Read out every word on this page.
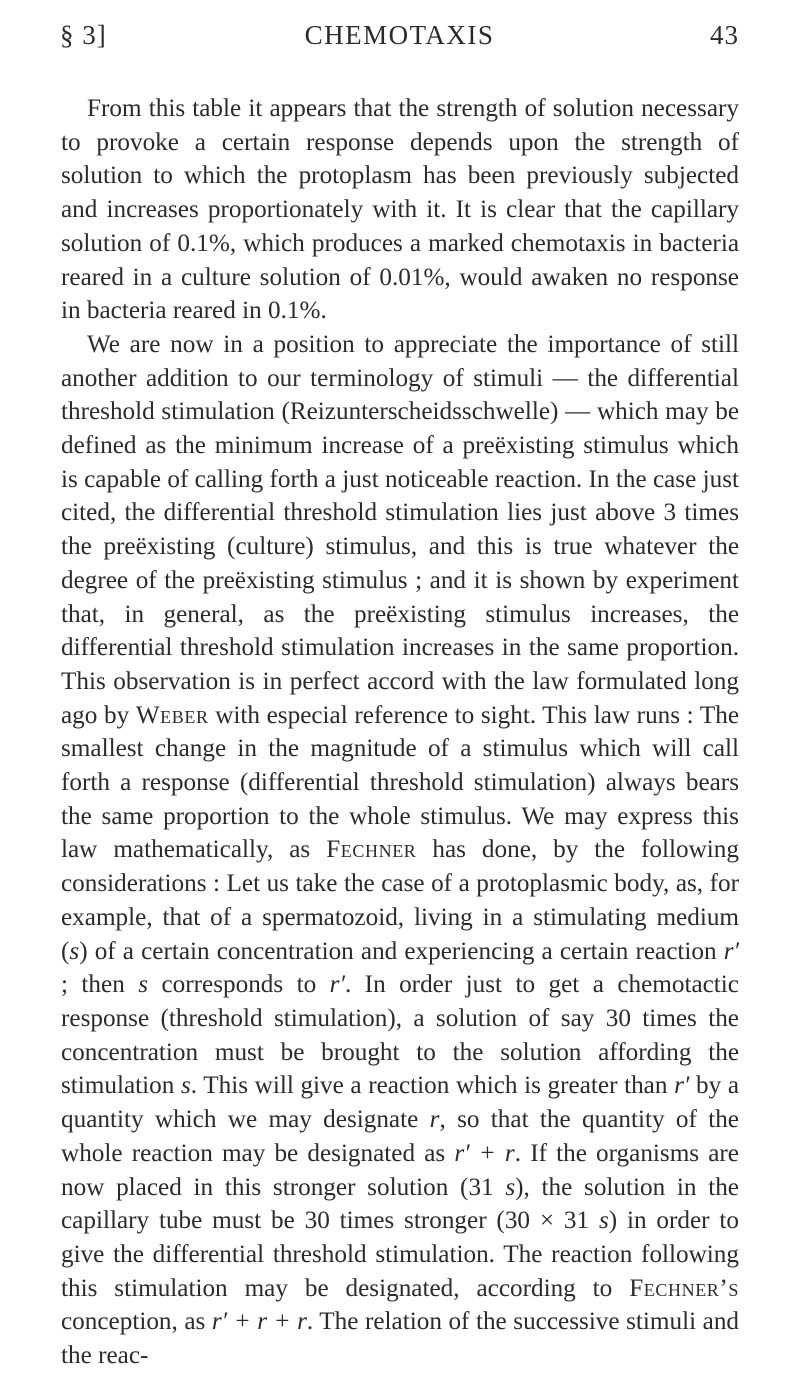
§ 3]	CHEMOTAXIS	43

From this table it appears that the strength of solution necessary to provoke a certain response depends upon the strength of solution to which the protoplasm has been previously subjected and increases proportionately with it. It is clear that the capillary solution of 0.1%, which produces a marked chemotaxis in bacteria reared in a culture solution of 0.01%, would awaken no response in bacteria reared in 0.1%.

We are now in a position to appreciate the importance of still another addition to our terminology of stimuli — the differential threshold stimulation (Reizunterscheidsschwelle) — which may be defined as the minimum increase of a preëxisting stimulus which is capable of calling forth a just noticeable reaction. In the case just cited, the differential threshold stimulation lies just above 3 times the preëxisting (culture) stimulus, and this is true whatever the degree of the preëxisting stimulus ; and it is shown by experiment that, in general, as the preëxisting stimulus increases, the differential threshold stimulation increases in the same proportion. This observation is in perfect accord with the law formulated long ago by Weber with especial reference to sight. This law runs : The smallest change in the magnitude of a stimulus which will call forth a response (differential threshold stimulation) always bears the same proportion to the whole stimulus. We may express this law mathematically, as Fechner has done, by the following considerations : Let us take the case of a protoplasmic body, as, for example, that of a spermatozoid, living in a stimulating medium (s) of a certain concentration and experiencing a certain reaction r′ ; then s corresponds to r′. In order just to get a chemotactic response (threshold stimulation), a solution of say 30 times the concentration must be brought to the solution affording the stimulation s. This will give a reaction which is greater than r′ by a quantity which we may designate r, so that the quantity of the whole reaction may be designated as r′ + r. If the organisms are now placed in this stronger solution (31 s), the solution in the capillary tube must be 30 times stronger (30 × 31 s) in order to give the differential threshold stimulation. The reaction following this stimulation may be designated, according to Fechner’s conception, as r′ + r + r. The relation of the successive stimuli and the reac-
